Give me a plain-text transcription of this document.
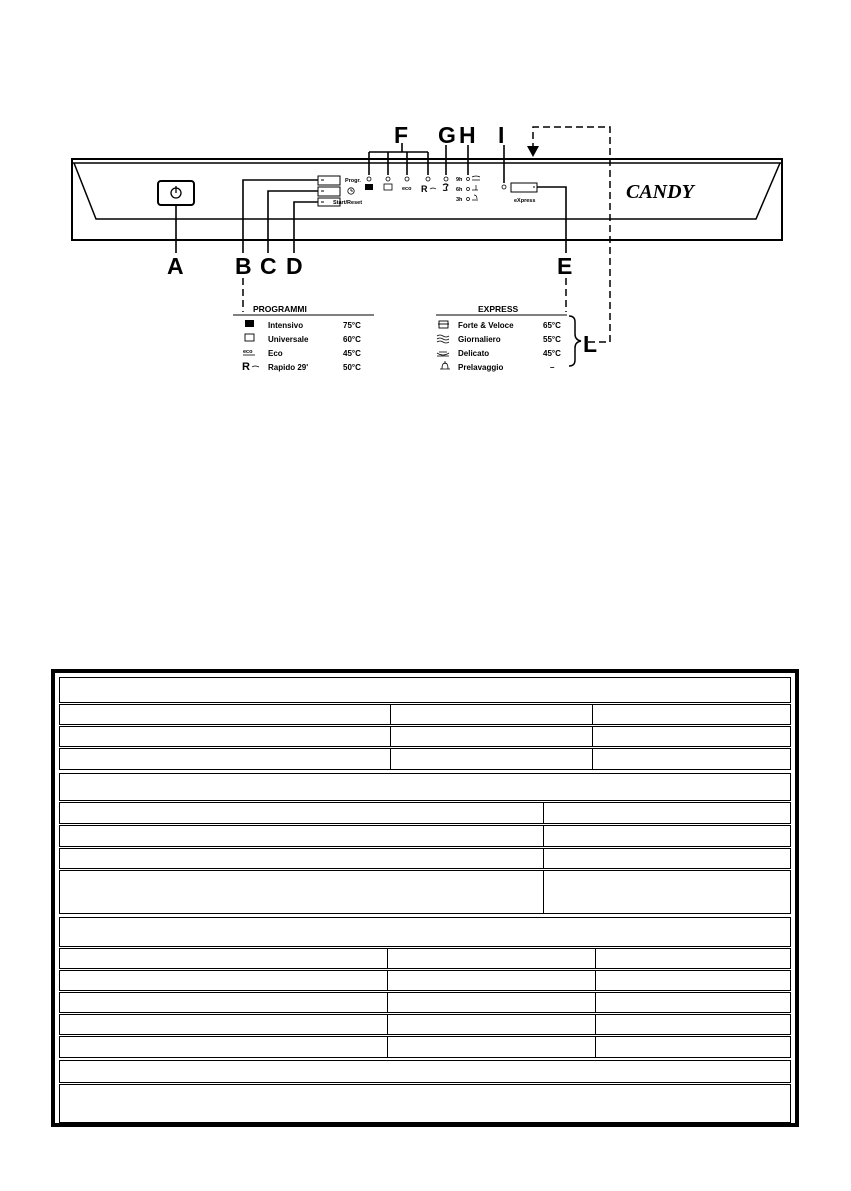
Progr.
Start/Reset
eco R
9h
6h
3h	eXpress	CANDY
A B C D	E
F G H I
L
PROGRAMMI
Intensivo	75°C
Universale	60°C
eco Eco	45°C
R Rapido 29'	50°C
EXPRESS
Forte & Veloce	65°C
Giornaliero	55°C
Delicato	45°C
Prelavaggio	–
